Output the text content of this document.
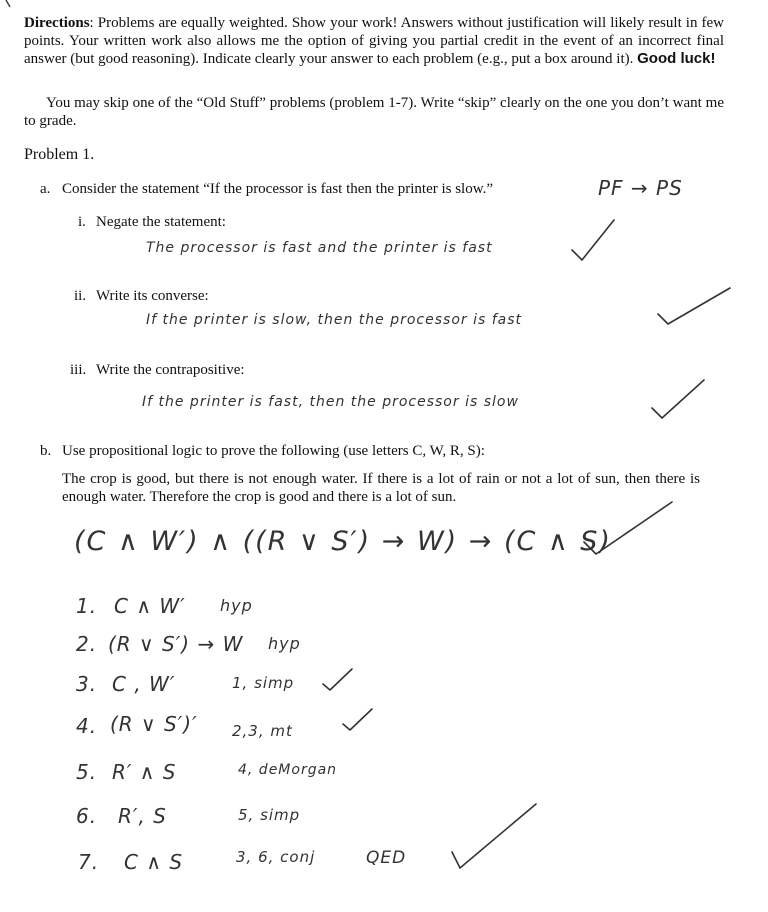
Directions: Problems are equally weighted. Show your work! Answers without justification will likely result in few points. Your written work also allows me the option of giving you partial credit in the event of an incorrect final answer (but good reasoning). Indicate clearly your answer to each problem (e.g., put a box around it). Good luck!
You may skip one of the “Old Stuff” problems (problem 1-7). Write “skip” clearly on the one you don’t want me to grade.
Problem 1.
a. Consider the statement “If the processor is fast then the printer is slow.”	PF → PS
i. Negate the statement:
The processor is fast and the printer is fast
ii. Write its converse:
If the printer is slow, then the processor is fast
iii. Write the contrapositive:
If the printer is fast, then the processor is slow
b. Use propositional logic to prove the following (use letters C, W, R, S):
The crop is good, but there is not enough water. If there is a lot of rain or not a lot of sun, then there is enough water. Therefore the crop is good and there is a lot of sun.
(C ∧ W′) ∧ ((R ∨ S′) → W) → (C ∧ S)
1. C ∧ W′ hyp
2. (R ∨ S′) → W hyp
3. C , W′	1, simp
4. (R ∨ S′)′ 2,3, mt
5. R′ ∧ S	4, deMorgan
6. R′, S	5, simp
7. C ∧ S	3, 6, conj	QED
